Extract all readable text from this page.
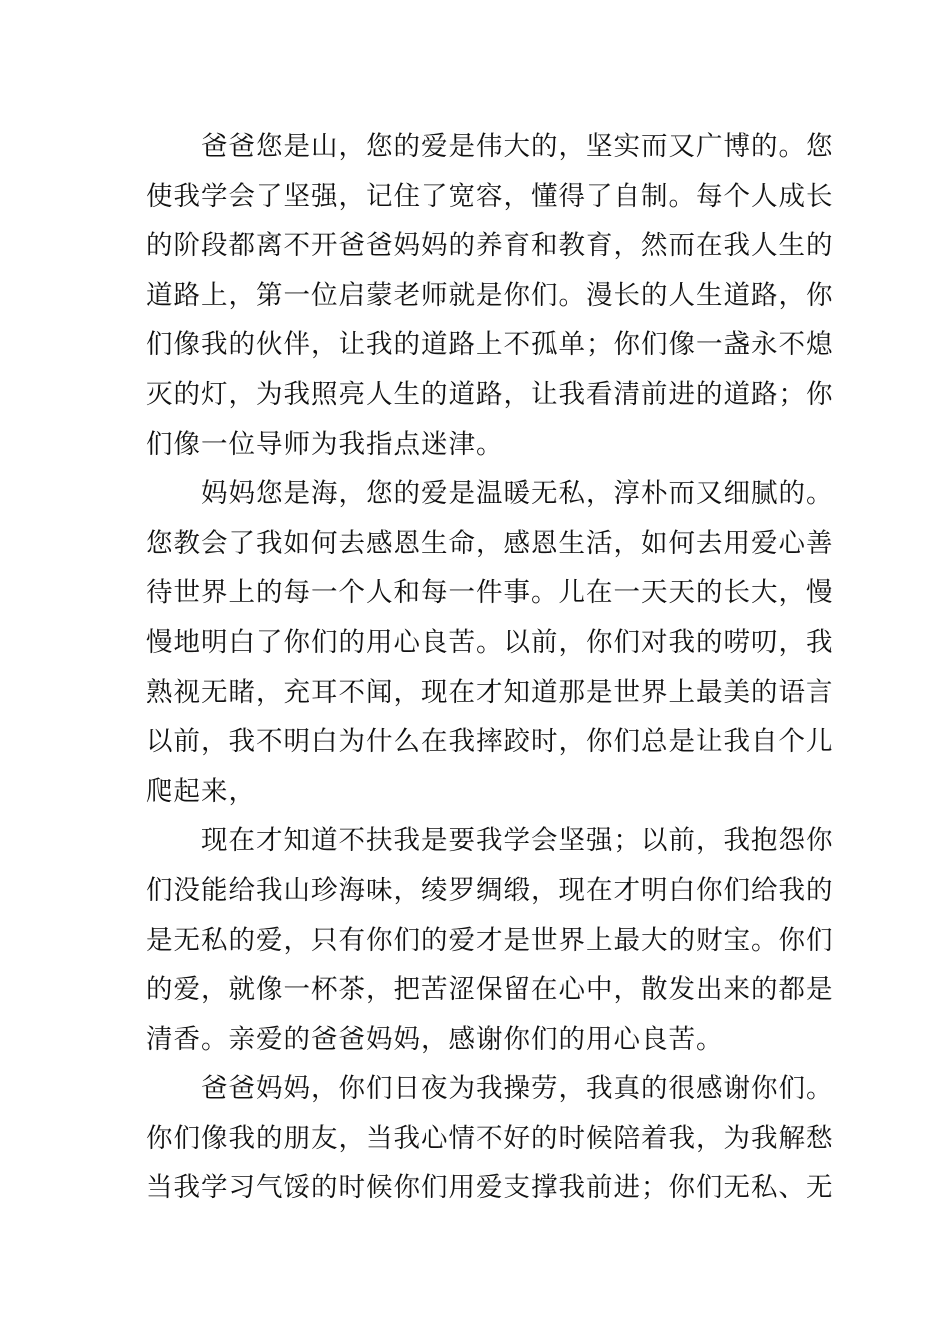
爸爸您是山，您的爱是伟大的，坚实而又广博的。您
使我学会了坚强，记住了宽容，懂得了自制。每个人成长
的阶段都离不开爸爸妈妈的养育和教育，然而在我人生的
道路上，第一位启蒙老师就是你们。漫长的人生道路，你
们像我的伙伴，让我的道路上不孤单；你们像一盏永不熄
灭的灯，为我照亮人生的道路，让我看清前进的道路；你
们像一位导师为我指点迷津。
妈妈您是海，您的爱是温暖无私，淳朴而又细腻的。
您教会了我如何去感恩生命，感恩生活，如何去用爱心善
待世界上的每一个人和每一件事。儿在一天天的长大，慢
慢地明白了你们的用心良苦。以前，你们对我的唠叨，我
熟视无睹，充耳不闻，现在才知道那是世界上最美的语言
以前，我不明白为什么在我摔跤时，你们总是让我自个儿
爬起来，
现在才知道不扶我是要我学会坚强；以前，我抱怨你
们没能给我山珍海味，绫罗绸缎，现在才明白你们给我的
是无私的爱，只有你们的爱才是世界上最大的财宝。你们
的爱，就像一杯茶，把苦涩保留在心中，散发出来的都是
清香。亲爱的爸爸妈妈，感谢你们的用心良苦。
爸爸妈妈，你们日夜为我操劳，我真的很感谢你们。
你们像我的朋友，当我心情不好的时候陪着我，为我解愁
当我学习气馁的时候你们用爱支撑我前进；你们无私、无
